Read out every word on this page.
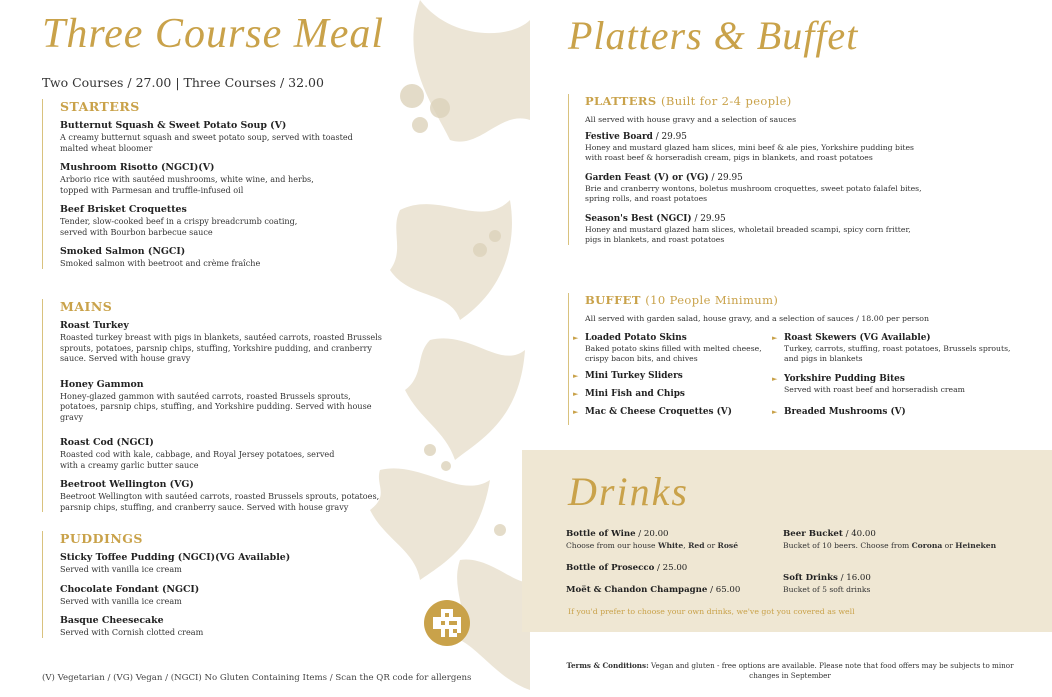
Three Course Meal
Two Courses / 27.00 | Three Courses / 32.00
STARTERS
Butternut Squash & Sweet Potato Soup (V)
A creamy butternut squash and sweet potato soup, served with toasted malted wheat bloomer
Mushroom Risotto (NGCI)(V)
Arborio rice with sautéed mushrooms, white wine, and herbs, topped with Parmesan and truffle-infused oil
Beef Brisket Croquettes
Tender, slow-cooked beef in a crispy breadcrumb coating, served with Bourbon barbecue sauce
Smoked Salmon (NGCI)
Smoked salmon with beetroot and crème fraîche
MAINS
Roast Turkey
Roasted turkey breast with pigs in blankets, sautéed carrots, roasted Brussels sprouts, potatoes, parsnip chips, stuffing, Yorkshire pudding, and cranberry sauce. Served with house gravy
Honey Gammon
Honey-glazed gammon with sautéed carrots, roasted Brussels sprouts, potatoes, parsnip chips, stuffing, and Yorkshire pudding. Served with house gravy
Roast Cod (NGCI)
Roasted cod with kale, cabbage, and Royal Jersey potatoes, served with a creamy garlic butter sauce
Beetroot Wellington (VG)
Beetroot Wellington with sautéed carrots, roasted Brussels sprouts, potatoes, parsnip chips, stuffing, and cranberry sauce. Served with house gravy
PUDDINGS
Sticky Toffee Pudding (NGCI)(VG Available)
Served with vanilla ice cream
Chocolate Fondant (NGCI)
Served with vanilla ice cream
Basque Cheesecake
Served with Cornish clotted cream
(V) Vegetarian / (VG) Vegan / (NGCI) No Gluten Containing Items / Scan the QR code for allergens
Platters & Buffet
PLATTERS (Built for 2-4 people)
All served with house gravy and a selection of sauces
Festive Board / 29.95
Honey and mustard glazed ham slices, mini beef & ale pies, Yorkshire pudding bites with roast beef & horseradish cream, pigs in blankets, and roast potatoes
Garden Feast (V) or (VG) / 29.95
Brie and cranberry wontons, boletus mushroom croquettes, sweet potato falafel bites, spring rolls, and roast potatoes
Season's Best (NGCI) / 29.95
Honey and mustard glazed ham slices, wholetail breaded scampi, spicy corn fritter, pigs in blankets, and roast potatoes
BUFFET (10 People Minimum)
All served with garden salad, house gravy, and a selection of sauces / 18.00 per person
► Loaded Potato Skins
Baked potato skins filled with melted cheese, crispy bacon bits, and chives
► Mini Turkey Sliders
► Mini Fish and Chips
► Mac & Cheese Croquettes (V)
► Roast Skewers (VG Available)
Turkey, carrots, stuffing, roast potatoes, Brussels sprouts, and pigs in blankets
► Yorkshire Pudding Bites
Served with roast beef and horseradish cream
► Breaded Mushrooms (V)
Drinks
Bottle of Wine / 20.00
Choose from our house White, Red or Rosé
Bottle of Prosecco / 25.00
Moët & Chandon Champagne / 65.00
Beer Bucket / 40.00
Bucket of 10 beers. Choose from Corona or Heineken
Soft Drinks / 16.00
Bucket of 5 soft drinks
If you'd prefer to choose your own drinks, we've got you covered as well
Terms & Conditions: Vegan and gluten - free options are available. Please note that food offers may be subjects to minor changes in September
